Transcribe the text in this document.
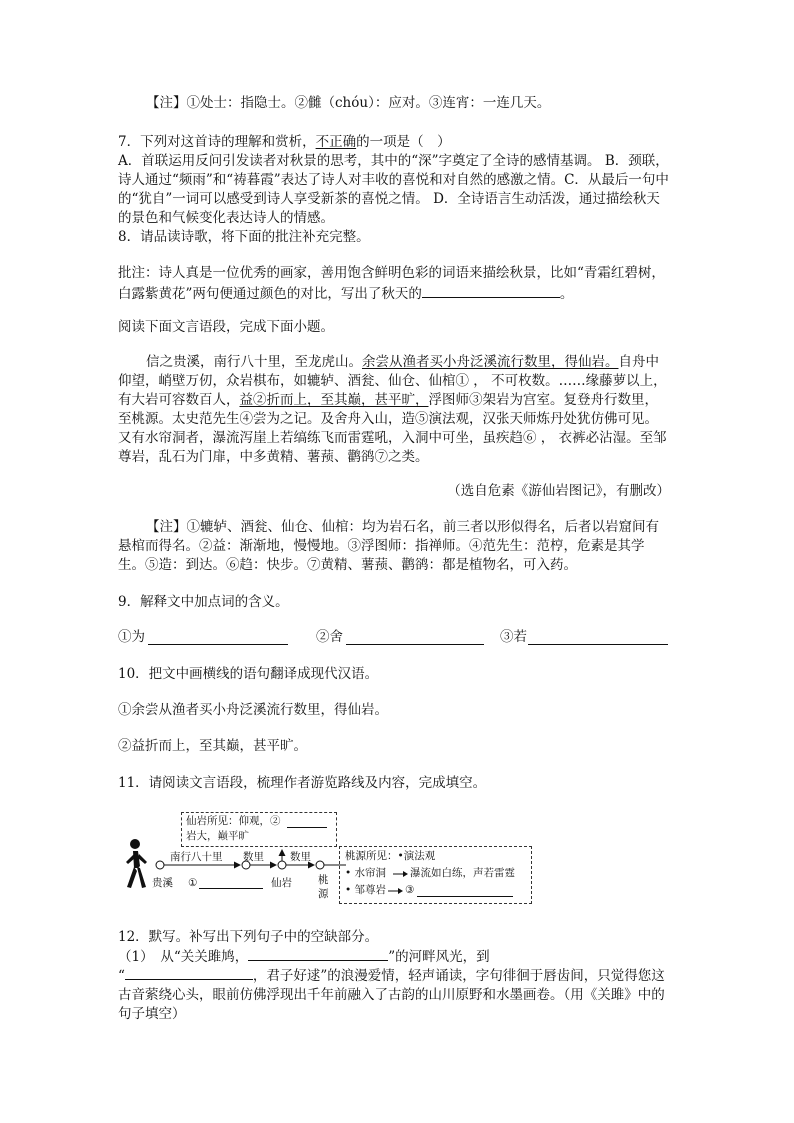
【注】①处士：指隐士。②雠（chóu）：应对。③连宵：一连几天。

7．下列对这首诗的理解和赏析，不正确的一项是（　）

A．首联运用反问引发读者对秋景的思考，其中的“深”字奠定了全诗的感情基调。 B．颈联，诗人通过“频雨”和“祷暮霞”表达了诗人对丰收的喜悦和对自然的感激之情。C．从最后一句中的“犹自”一词可以感受到诗人享受新茶的喜悦之情。 D．全诗语言生动活泼，通过描绘秋天的景色和气候变化表达诗人的情感。

8．请品读诗歌，将下面的批注补充完整。

批注：诗人真是一位优秀的画家，善用饱含鲜明色彩的词语来描绘秋景，比如“青霜红碧树，白露紫黄花”两句便通过颜色的对比，写出了秋天的	。

阅读下面文言语段，完成下面小题。

信之贵溪，南行八十里，至龙虎山。余尝从渔者买小舟泛溪流行数里，得仙岩。自舟中仰望，峭壁万仞，众岩棋布，如辘轳、酒瓮、仙仓、仙棺① ， 不可枚数。……缘藤萝以上，有大岩可容数百人，益②折而上，至其巅，甚平旷，浮图师③架岩为宫室。复登舟行数里，至桃源。太史范先生④尝为之记。及舍舟入山，造⑤演法观，汉张天师炼丹处犹仿佛可见。又有水帘洞者，瀑流泻崖上若缟练飞而雷霆吼，入洞中可坐，虽疾趋⑥ ， 衣裤必沾湿。至邹尊岩，乱石为门扉，中多黄精、薯蓣、鹳鹆⑦之类。

（选自危素《游仙岩图记》，有删改）

【注】①辘轳、酒瓮、仙仓、仙棺：均为岩石名，前三者以形似得名，后者以岩窟间有悬棺而得名。②益：渐渐地，慢慢地。③浮图师：指禅师。④范先生：范梈，危素是其学生。⑤造：到达。⑥趋：快步。⑦黄精、薯蓣、鹳鹆：都是植物名，可入药。

9．解释文中加点词的含义。

①为	②舍	③若

10．把文中画横线的语句翻译成现代汉语。

①余尝从渔者买小舟泛溪流行数里，得仙岩。

②益折而上，至其巅，甚平旷。

11．请阅读文言语段，梳理作者游览路线及内容，完成填空。

仙岩所见：仰观，②
岩大，巅平旷
南行八十里 数里 数里
贵溪 ①	仙岩 桃源
桃源所见：•演法观
• 水帘洞 瀑流如白练，声若雷霆
• 邹尊岩 ③

12．默写。补写出下列句子中的空缺部分。

（1）　从“关关雎鸠，	”的河畔风光，到

“	，君子好逑”的浪漫爱情，轻声诵读，字句徘徊于唇齿间，只觉得您这古音萦绕心头，眼前仿佛浮现出千年前融入了古韵的山川原野和水墨画卷。（用《关雎》中的句子填空）
